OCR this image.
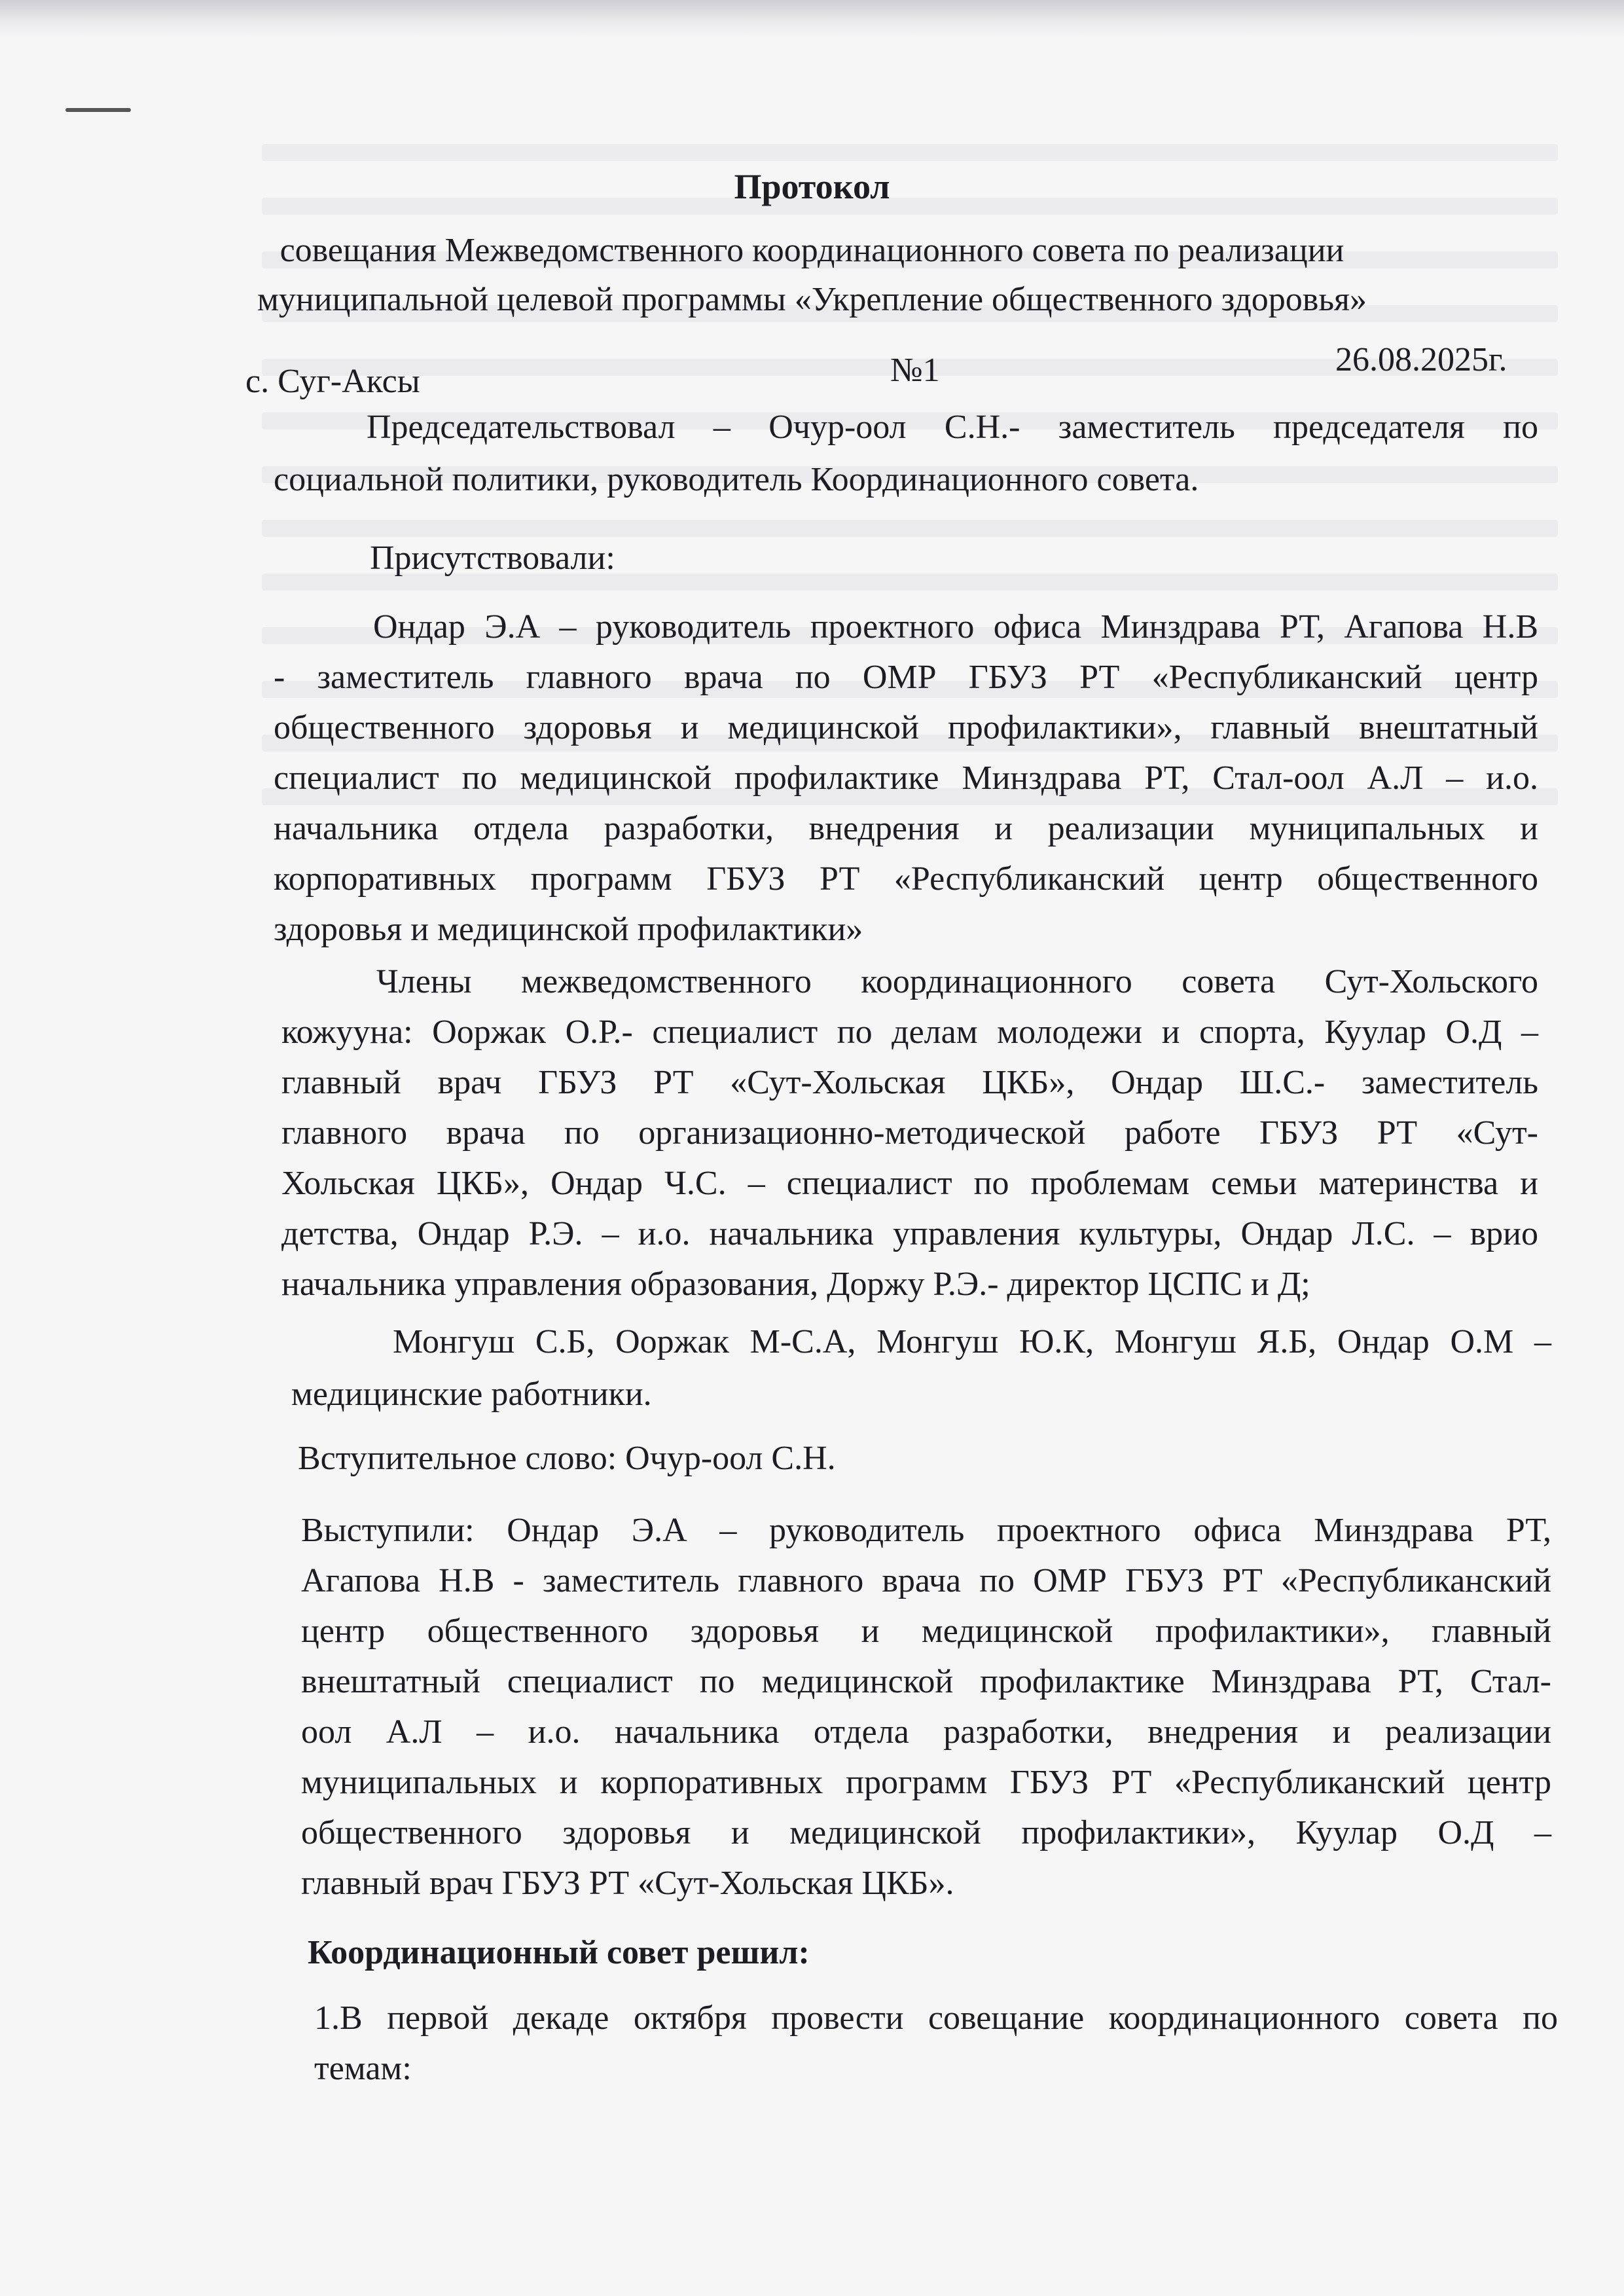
Протокол

совещания Межведомственного координационного совета по реализации

муниципальной целевой программы «Укрепление общественного здоровья»

с. Суг-Аксы	№1	26.08.2025г.

Председательствовал – Очур-оол С.Н.- заместитель председателя по

социальной политики, руководитель Координационного совета.

Присутствовали:

Ондар Э.А – руководитель проектного офиса Минздрава РТ, Агапова Н.В

- заместитель главного врача по ОМР ГБУЗ РТ «Республиканский центр

общественного здоровья и медицинской профилактики», главный внештатный

специалист по медицинской профилактике Минздрава РТ, Стал-оол А.Л – и.о.

начальника отдела разработки, внедрения и реализации муниципальных и

корпоративных программ ГБУЗ РТ «Республиканский центр общественного

здоровья и медицинской профилактики»

Члены межведомственного координационного совета Сут-Хольского

кожууна: Ооржак О.Р.- специалист по делам молодежи и спорта, Куулар О.Д –

главный врач ГБУЗ РТ «Сут-Хольская ЦКБ», Ондар Ш.С.- заместитель

главного врача по организационно-методической работе ГБУЗ РТ «Сут-

Хольская ЦКБ», Ондар Ч.С. – специалист по проблемам семьи материнства и

детства, Ондар Р.Э. – и.о. начальника управления культуры, Ондар Л.С. – врио

начальника управления образования, Доржу Р.Э.- директор ЦСПС и Д;

Монгуш С.Б, Ооржак М-С.А, Монгуш Ю.К, Монгуш Я.Б, Ондар О.М –

медицинские работники.

Вступительное слово: Очур-оол С.Н.

Выступили: Ондар Э.А – руководитель проектного офиса Минздрава РТ,

Агапова Н.В - заместитель главного врача по ОМР ГБУЗ РТ «Республиканский

центр общественного здоровья и медицинской профилактики», главный

внештатный специалист по медицинской профилактике Минздрава РТ, Стал-

оол А.Л – и.о. начальника отдела разработки, внедрения и реализации

муниципальных и корпоративных программ ГБУЗ РТ «Республиканский центр

общественного здоровья и медицинской профилактики», Куулар О.Д –

главный врач ГБУЗ РТ «Сут-Хольская ЦКБ».

Координационный совет решил:

1.В первой декаде октября провести совещание координационного совета по

темам:
